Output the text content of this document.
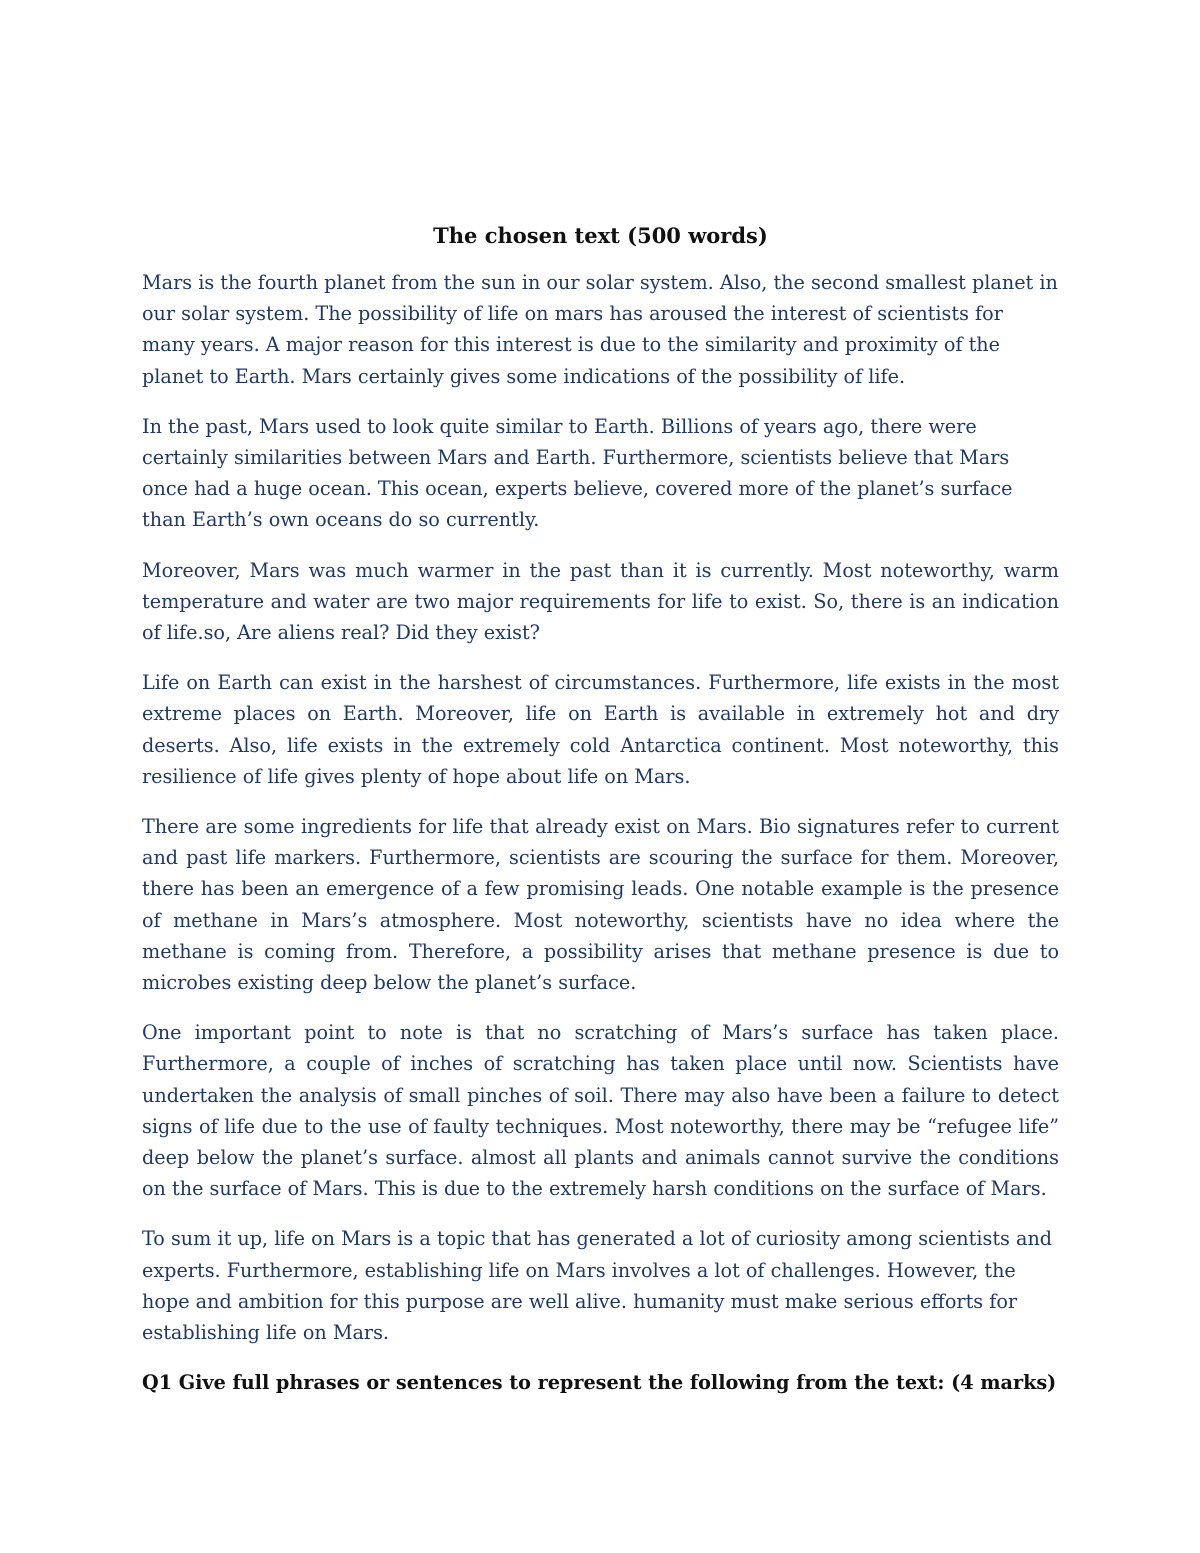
The chosen text (500 words)

Mars is the fourth planet from the sun in our solar system. Also, the second smallest planet in our solar system. The possibility of life on mars has aroused the interest of scientists for many years. A major reason for this interest is due to the similarity and proximity of the planet to Earth. Mars certainly gives some indications of the possibility of life.

In the past, Mars used to look quite similar to Earth. Billions of years ago, there were certainly similarities between Mars and Earth. Furthermore, scientists believe that Mars once had a huge ocean. This ocean, experts believe, covered more of the planet’s surface than Earth’s own oceans do so currently.

Moreover, Mars was much warmer in the past than it is currently. Most noteworthy, warm temperature and water are two major requirements for life to exist. So, there is an indication of life.so, Are aliens real? Did they exist?

Life on Earth can exist in the harshest of circumstances. Furthermore, life exists in the most extreme places on Earth. Moreover, life on Earth is available in extremely hot and dry deserts. Also, life exists in the extremely cold Antarctica continent. Most noteworthy, this resilience of life gives plenty of hope about life on Mars.

There are some ingredients for life that already exist on Mars. Bio signatures refer to current and past life markers. Furthermore, scientists are scouring the surface for them. Moreover, there has been an emergence of a few promising leads. One notable example is the presence of methane in Mars’s atmosphere. Most noteworthy, scientists have no idea where the methane is coming from. Therefore, a possibility arises that methane presence is due to microbes existing deep below the planet’s surface.

One important point to note is that no scratching of Mars’s surface has taken place. Furthermore, a couple of inches of scratching has taken place until now. Scientists have undertaken the analysis of small pinches of soil. There may also have been a failure to detect signs of life due to the use of faulty techniques. Most noteworthy, there may be “refugee life” deep below the planet’s surface. almost all plants and animals cannot survive the conditions on the surface of Mars. This is due to the extremely harsh conditions on the surface of Mars.

To sum it up, life on Mars is a topic that has generated a lot of curiosity among scientists and experts. Furthermore, establishing life on Mars involves a lot of challenges. However, the hope and ambition for this purpose are well alive. humanity must make serious efforts for establishing life on Mars.

Q1 Give full phrases or sentences to represent the following from the text: (4 marks)
